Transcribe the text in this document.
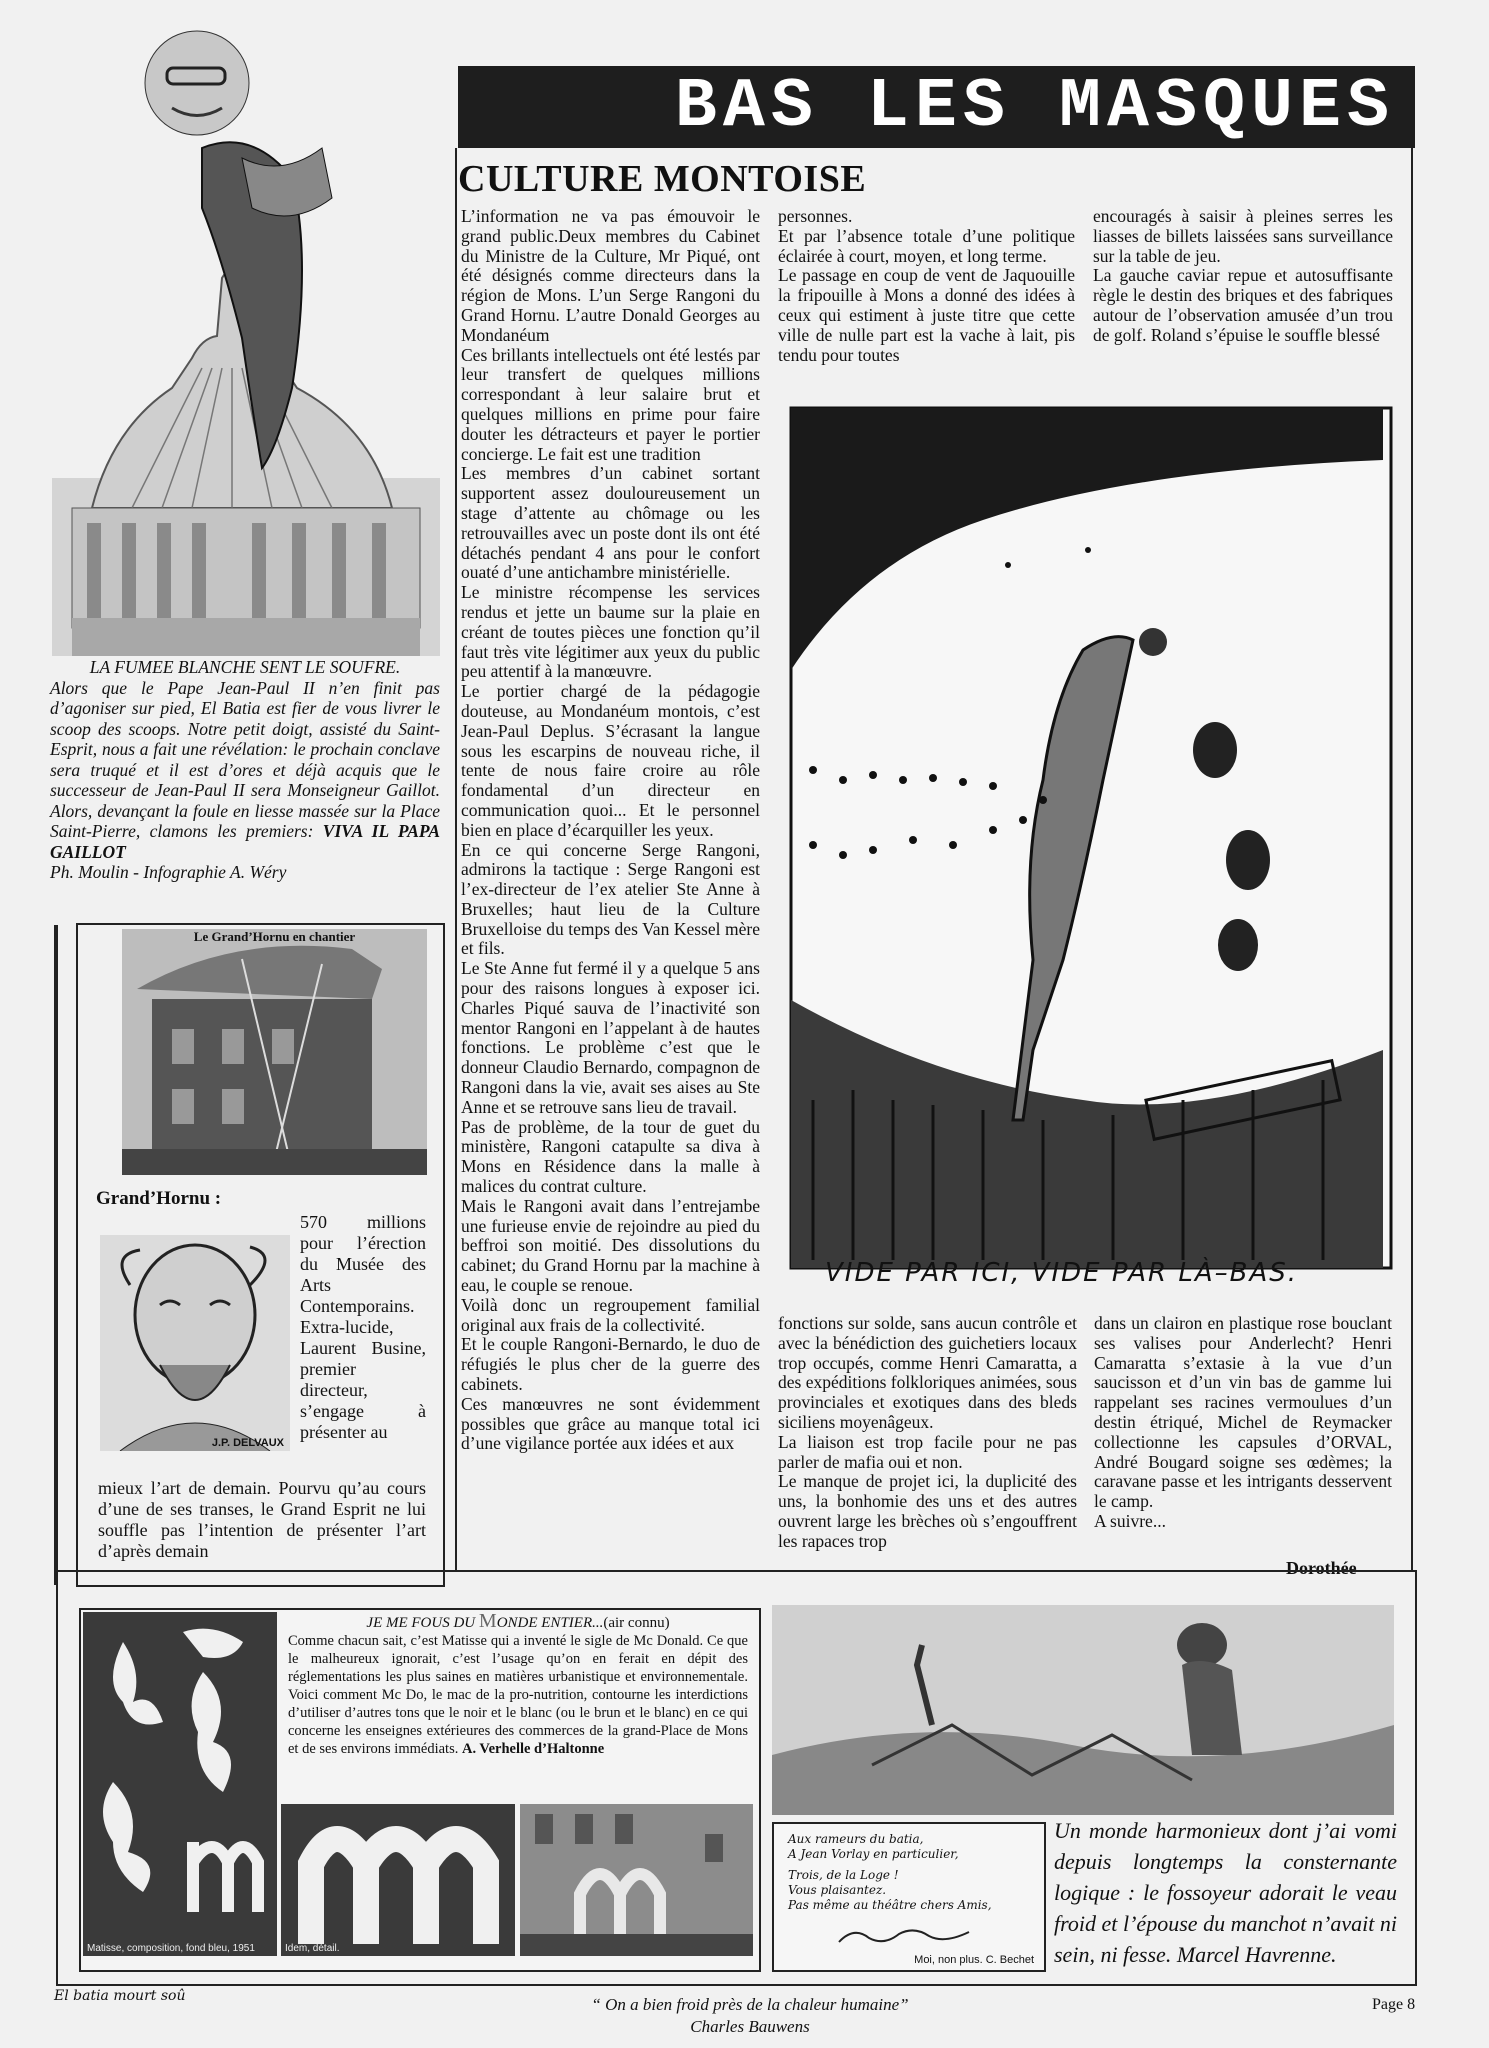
BAS LES MASQUES
LA FUMEE BLANCHE SENT LE SOUFRE.
Alors que le Pape Jean-Paul II n’en finit pas d’agoniser sur pied, El Batia est fier de vous livrer le scoop des scoops. Notre petit doigt, assisté du Saint-Esprit, nous a fait une révélation: le prochain conclave sera truqué et il est d’ores et déjà acquis que le successeur de Jean-Paul II sera Monseigneur Gaillot. Alors, devançant la foule en liesse massée sur la Place Saint-Pierre, clamons les premiers: VIVA IL PAPA GAILLOT
Ph. Moulin - Infographie A. Wéry
Le Grand’Hornu en chantier
Grand’Hornu :
J.P. DELVAUX
570 millions pour l’érection du Musée des Arts Contemporains. Extra-lucide, Laurent Busine, premier directeur, s’engage à présenter au
mieux l’art de demain. Pourvu qu’au cours d’une de ses transes, le Grand Esprit ne lui souffle pas l’intention de présenter l’art d’après demain
CULTURE MONTOISE

L’information ne va pas émouvoir le grand public.Deux membres du Cabinet du Ministre de la Culture, Mr Piqué, ont été désignés comme directeurs dans la région de Mons. L’un Serge Rangoni du Grand Hornu. L’autre Donald Georges au Mondanéum

Ces brillants intellectuels ont été lestés par leur transfert de quelques millions correspondant à leur salaire brut et quelques millions en prime pour faire douter les détracteurs et payer le portier concierge. Le fait est une tradition

Les membres d’un cabinet sortant supportent assez douloureusement un stage d’attente au chômage ou les retrouvailles avec un poste dont ils ont été détachés pendant 4 ans pour le confort ouaté d’une antichambre ministérielle.

Le ministre récompense les services rendus et jette un baume sur la plaie en créant de toutes pièces une fonction qu’il faut très vite légitimer aux yeux du public peu attentif à la manœuvre.

Le portier chargé de la pédagogie douteuse, au Mondanéum montois, c’est Jean-Paul Deplus. S’écrasant la langue sous les escarpins de nouveau riche, il tente de nous faire croire au rôle fondamental d’un directeur en communication quoi... Et le personnel bien en place d’écarquiller les yeux.

En ce qui concerne Serge Rangoni, admirons la tactique : Serge Rangoni est l’ex-directeur de l’ex atelier Ste Anne à Bruxelles; haut lieu de la Culture Bruxelloise du temps des Van Kessel mère et fils.

Le Ste Anne fut fermé il y a quelque 5 ans pour des raisons longues à exposer ici. Charles Piqué sauva de l’inactivité son mentor Rangoni en l’appelant à de hautes fonctions. Le problème c’est que le donneur Claudio Bernardo, compagnon de Rangoni dans la vie, avait ses aises au Ste Anne et se retrouve sans lieu de travail.

Pas de problème, de la tour de guet du ministère, Rangoni catapulte sa diva à Mons en Résidence dans la malle à malices du contrat culture.

Mais le Rangoni avait dans l’entrejambe une furieuse envie de rejoindre au pied du beffroi son moitié. Des dissolutions du cabinet; du Grand Hornu par la machine à eau, le couple se renoue.

Voilà donc un regroupement familial original aux frais de la collectivité.

Et le couple Rangoni-Bernardo, le duo de réfugiés le plus cher de la guerre des cabinets.

Ces manœuvres ne sont évidemment possibles que grâce au manque total ici d’une vigilance portée aux idées et aux

personnes.

Et par l’absence totale d’une politique éclairée à court, moyen, et long terme.

Le passage en coup de vent de Jaquouille la fripouille à Mons a donné des idées à ceux qui estiment à juste titre que cette ville de nulle part est la vache à lait, pis tendu pour toutes

encouragés à saisir à pleines serres les liasses de billets laissées sans surveillance sur la table de jeu.

La gauche caviar repue et autosuffisante règle le destin des briques et des fabriques autour de l’observation amusée d’un trou de golf. Roland s’épuise le souffle blessé

VIDE PAR ICI, VIDE PAR LÀ–BAS.

fonctions sur solde, sans aucun contrôle et avec la bénédiction des guichetiers locaux trop occupés, comme Henri Camaratta, a des expéditions folkloriques animées, sous provinciales et exotiques dans des bleds siciliens moyenâgeux.

La liaison est trop facile pour ne pas parler de mafia oui et non.

Le manque de projet ici, la duplicité des uns, la bonhomie des uns et des autres ouvrent large les brèches où s’engouffrent les rapaces trop

dans un clairon en plastique rose bouclant ses valises pour Anderlecht? Henri Camaratta s’extasie à la vue d’un saucisson et d’un vin bas de gamme lui rappelant ses racines vermoulues d’un destin étriqué, Michel de Reymacker collectionne les capsules d’ORVAL, André Bougard soigne ses œdèmes; la caravane passe et les intrigants desservent le camp.

A suivre...

Dorothée
Matisse, composition, fond bleu, 1951
JE ME FOUS DU MONDE ENTIER...(air connu)
Comme chacun sait, c’est Matisse qui a inventé le sigle de Mc Donald. Ce que le malheureux ignorait, c’est l’usage qu’on en ferait en dépit des réglementations les plus saines en matières urbanistique et environnementale. Voici comment Mc Do, le mac de la pro-nutrition, contourne les interdictions d’utiliser d’autres tons que le noir et le blanc (ou le brun et le blanc) en ce qui concerne les enseignes extérieures des commerces de la grand-Place de Mons et de ses environs immédiats. A. Verhelle d’Haltonne
Idem, détail.
Aux rameurs du batia,
A Jean Vorlay en particulier,
Trois, de la Loge !
Vous plaisantez.
Pas même au théâtre chers Amis,
Moi, non plus. C. Bechet
Un monde harmonieux dont j’ai vomi depuis longtemps la consternante logique : le fossoyeur adorait le veau froid et l’épouse du manchot n’avait ni sein, ni fesse. Marcel Havrenne.
El batia mourt soû	“ On a bien froid près de la chaleur humaine”
Charles Bauwens
Page 8
